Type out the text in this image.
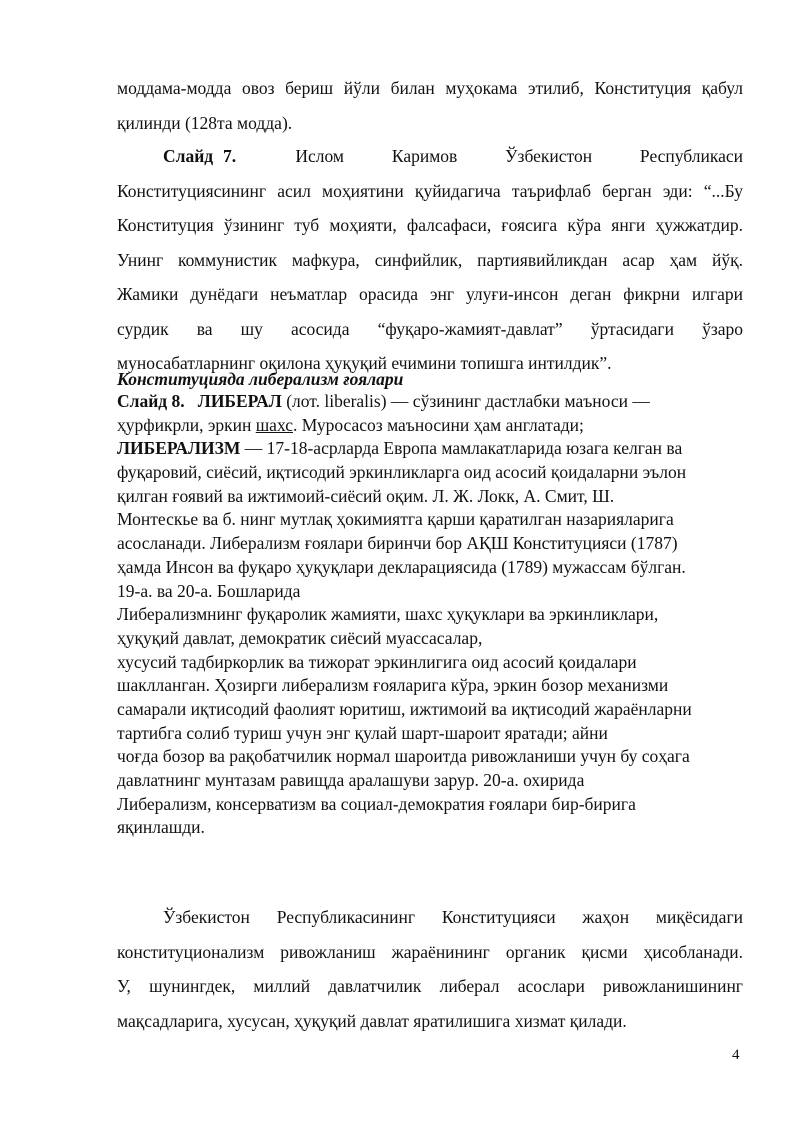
моддама-модда овоз бериш йўли билан муҳокама этилиб, Конституция қабул
қилинди (128та модда).
Слайд 7.	Ислом Каримов Ўзбекистон Республикаси
Конституциясининг асил моҳиятини қуйидагича таърифлаб берган эди: “...Бу
Конституция ўзининг туб моҳияти, фалсафаси, ғоясига кўра янги ҳужжатдир.
Унинг коммунистик мафкура, синфийлик, партиявийликдан асар ҳам йўқ.
Жамики дунёдаги неъматлар орасида энг улуғи-инсон деган фикрни илгари
сурдик ва шу асосида “фуқаро-жамият-давлат” ўртасидаги ўзаро
муносабатларнинг оқилона ҳуқуқий ечимини топишга интилдик”.
Конституцияда либерализм ғоялари
Слайд 8. ЛИБЕРАЛ (лот. liberalis) — сўзининг дастлабки маъноси —
ҳурфикрли, эркин шахс. Муросасоз маъносини ҳам англатади;
ЛИБЕРАЛИЗМ — 17-18-асрларда Европа мамлакатларида юзага келган ва
фуқаровий, сиёсий, иқтисодий эркинликларга оид асосий қоидаларни эълон
қилган ғоявий ва ижтимоий-сиёсий оқим. Л. Ж. Локк, А. Смит, Ш.
Монтескье ва б. нинг мутлақ ҳокимиятга қарши қаратилган назарияларига
асосланади. Либерализм ғоялари биринчи бор АҚШ Конституцияси (1787)
ҳамда Инсон ва фуқаро ҳуқуқлари декларациясида (1789) мужассам бўлган.
19-а. ва 20-а. Бошларида
Либерализмнинг фуқаролик жамияти, шахс ҳуқуклари ва эркинликлари,
ҳуқуқий давлат, демократик сиёсий муассасалар,
хусусий тадбиркорлик ва тижорат эркинлигига оид асосий қоидалари
шаклланган. Ҳозирги либерализм ғояларига кўра, эркин бозор механизми
самарали иқтисодий фаолият юритиш, ижтимоий ва иқтисодий жараёнларни
тартибга солиб туриш учун энг қулай шарт-шароит яратади; айни
чоғда бозор ва рақобатчилик нормал шароитда ривожланиши учун бу соҳага
давлатнинг мунтазам равищда аралашуви зарур. 20-а. охирида
Либерализм, консерватизм ва социал-демократия ғоялари бир-бирига
яқинлашди.
Ўзбекистон Республикасининг Конституцияси жаҳон миқёсидаги
конституционализм ривожланиш жараёнининг органик қисми ҳисобланади.
У, шунингдек, миллий давлатчилик либерал асослари ривожланишининг
мақсадларига, хусусан, ҳуқуқий давлат яратилишига хизмат қилади.
4
